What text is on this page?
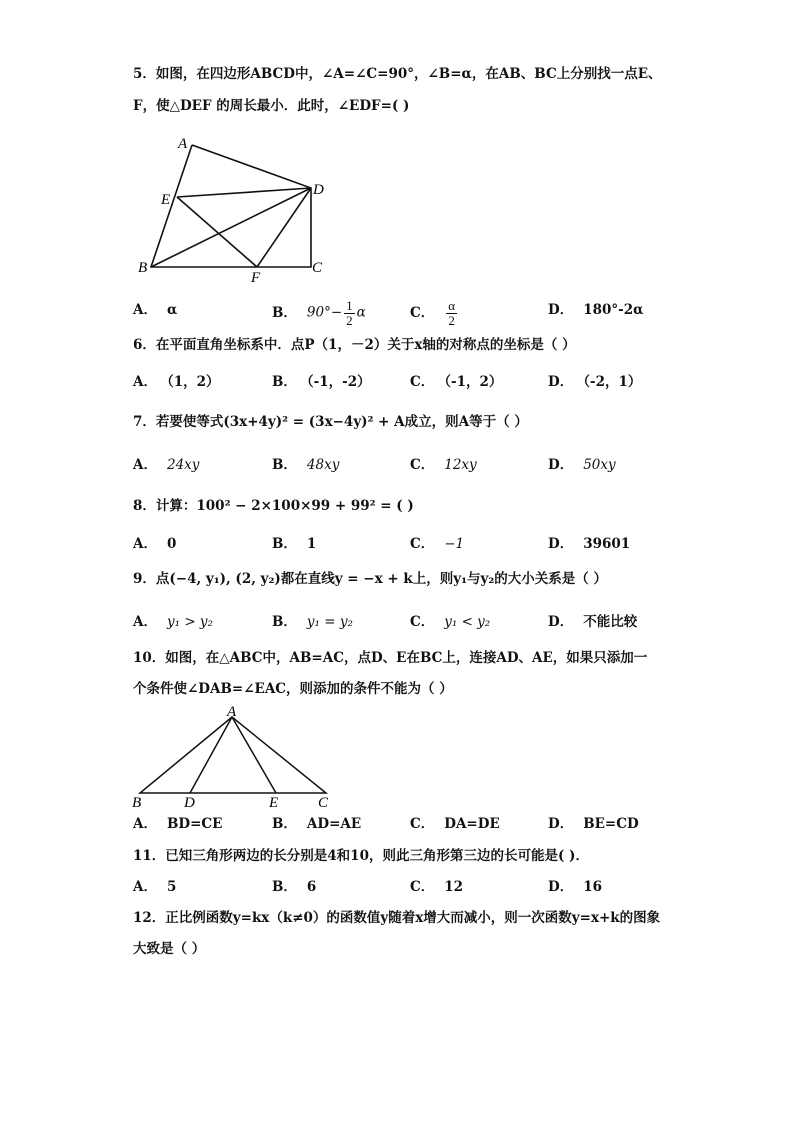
5．如图，在四边形ABCD中，∠A=∠C=90°，∠B=α，在AB、BC上分别找一点E、
F，使△DEF 的周长最小．此时，∠EDF=( )
A
E
D
B
F
C
A． α	B． $90^\circ- \frac{1}{2}$ α	C． $\frac{\alpha}{2}$	D． 180°-2α
6．在平面直角坐标系中．点P（1，－2）关于x轴的对称点的坐标是（ ）
A． （1，2）	B． （-1，-2）	C． （-1，2）	D． （-2，1）
7．若要使等式(3x+4y)² = (3x−4y)² + A成立，则A等于（ ）
A． 24xy	B． 48xy	C． 12xy	D． 50xy
8．计算：100² − 2×100×99 + 99² = ( )
A． 0	B． 1	C． −1	D． 39601
9．点(−4, y₁), (2, y₂)都在直线y = −x + k上，则y₁与y₂的大小关系是（ ）
A． y₁ > y₂	B． y₁ = y₂	C． y₁ < y₂	D． 不能比较
10．如图，在△ABC中，AB=AC，点D、E在BC上，连接AD、AE，如果只添加一
个条件使∠DAB=∠EAC，则添加的条件不能为（ ）
A
B	D	E	C
A． BD=CE	B． AD=AE	C． DA=DE	D． BE=CD
11．已知三角形两边的长分别是4和10，则此三角形第三边的长可能是( )．
A． 5	B． 6	C． 12	D． 16
12．正比例函数y=kx（k≠0）的函数值y随着x增大而减小，则一次函数y=x+k的图象
大致是（ ）
